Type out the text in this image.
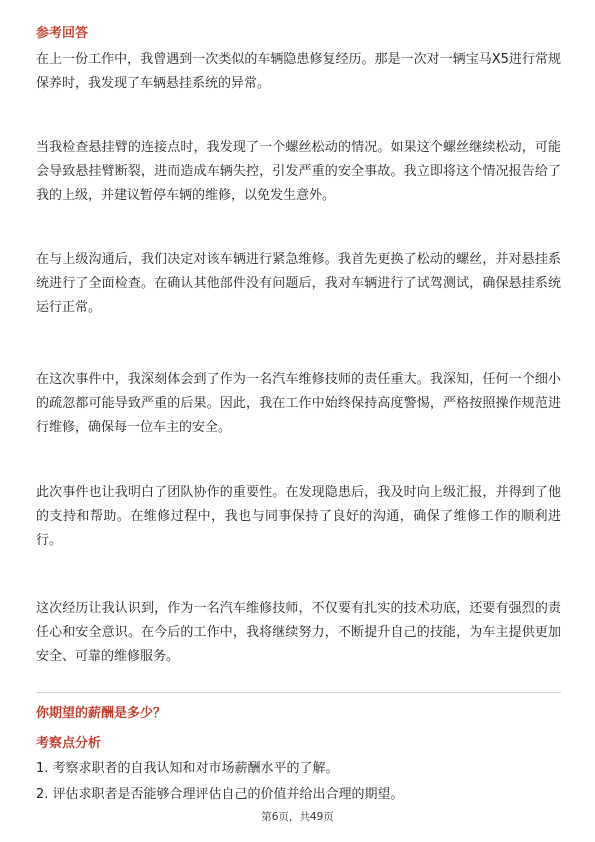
参考回答
在上一份工作中，我曾遇到一次类似的车辆隐患修复经历。那是一次对一辆宝马X5进行常规保养时，我发现了车辆悬挂系统的异常。
当我检查悬挂臂的连接点时，我发现了一个螺丝松动的情况。如果这个螺丝继续松动，可能会导致悬挂臂断裂，进而造成车辆失控，引发严重的安全事故。我立即将这个情况报告给了我的上级，并建议暂停车辆的维修，以免发生意外。
在与上级沟通后，我们决定对该车辆进行紧急维修。我首先更换了松动的螺丝，并对悬挂系统进行了全面检查。在确认其他部件没有问题后，我对车辆进行了试驾测试，确保悬挂系统运行正常。
在这次事件中，我深刻体会到了作为一名汽车维修技师的责任重大。我深知，任何一个细小的疏忽都可能导致严重的后果。因此，我在工作中始终保持高度警惕，严格按照操作规范进行维修，确保每一位车主的安全。
此次事件也让我明白了团队协作的重要性。在发现隐患后，我及时向上级汇报，并得到了他的支持和帮助。在维修过程中，我也与同事保持了良好的沟通，确保了维修工作的顺利进行。
这次经历让我认识到，作为一名汽车维修技师，不仅要有扎实的技术功底，还要有强烈的责任心和安全意识。在今后的工作中，我将继续努力，不断提升自己的技能，为车主提供更加安全、可靠的维修服务。
你期望的薪酬是多少？
考察点分析
1. 考察求职者的自我认知和对市场薪酬水平的了解。
2. 评估求职者是否能够合理评估自己的价值并给出合理的期望。
第6页，共49页
